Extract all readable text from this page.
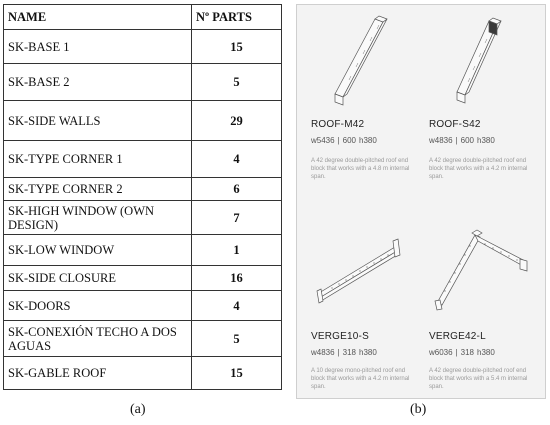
NAME	Nº PARTS
SK-BASE 1	15
SK-BASE 2	5
SK-SIDE WALLS	29
SK-TYPE CORNER 1	4
SK-TYPE CORNER 2	6
SK-HIGH WINDOW (OWN DESIGN)	7
SK-LOW WINDOW	1
SK-SIDE CLOSURE	16
SK-DOORS	4
SK-CONEXIÓN TECHO A DOS AGUAS	5
SK-GABLE ROOF	15
ROOF-M42
w5436 | 600 h380
A 42 degree double-pitched roof end block that works with a 4.8 m internal span.
ROOF-S42
w4836 | 600 h380
A 42 degree double-pitched roof end block that works with a 4.2 m internal span.
VERGE10-S
w4836 | 318 h380
A 10 degree mono-pitched roof end block that works with a 4.2 m internal span.
VERGE42-L
w6036 | 318 h380
A 42 degree double-pitched roof end block that works with a 5.4 m internal span.
(a)	(b)
